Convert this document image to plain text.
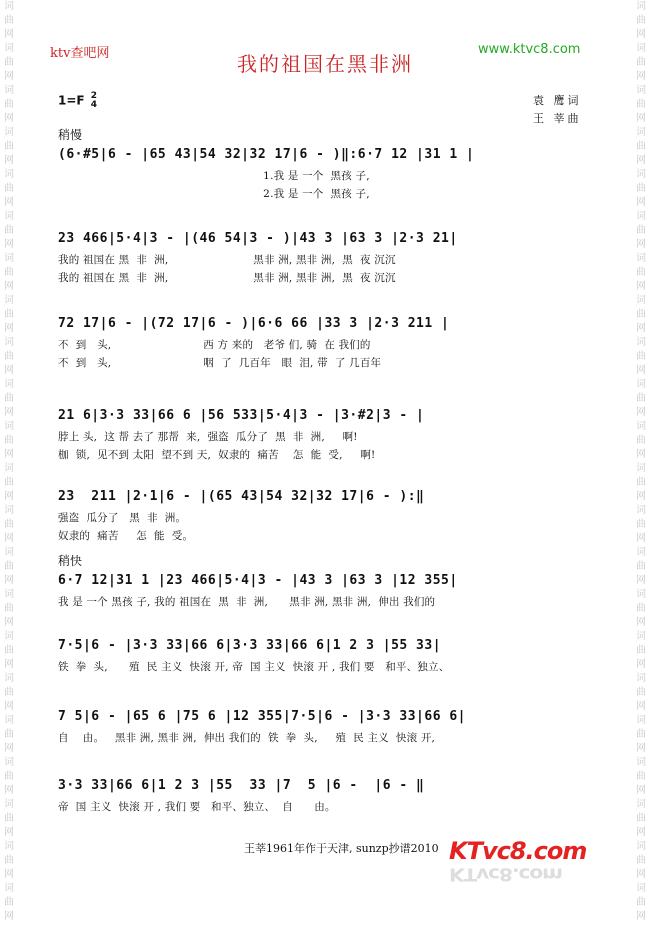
词
曲
网
词
曲
网
词
曲
网
词
曲
网
词
曲
网
词
曲
网
词
曲
网
词
曲
网
词
曲
网
词
曲
网
词
曲
网
词
曲
网
词
曲
网
词
曲
网
词
曲
网
词
曲
网
词
曲
网
词
曲
网
词
曲
网
词
曲
网
词
曲
网
词
曲
网
词
曲
网
词
曲
网
词
曲
网
词
曲
网
词
曲
网
词
曲
网
词
曲
网
词
曲
网
词
曲
网
词
曲
网
词
曲
网
词
曲
网
词
曲
网
词
曲
网
词
曲
网
词
曲
网
词
曲
网
词
曲
网
词
曲
网
词
曲
网
词
曲
网
词
曲
网
ktv查吧网	www.ktvc8.com
我的祖国在黑非洲
1=F 2
4	袁 鹰词
王 莘曲
稍慢
稍快
(6·#5|6 - |65 43|54 32|32 17|6 - )‖:6·7 12 |31 1 |
1.我 是 一个  黑孩 子,
2.我 是 一个  黑孩 子,
23 466|5·4|3 - |(46 54|3 - )|43 3 |63 3 |2·3 21|
我的 祖国在 黑  非  洲,                        黑非 洲, 黑非 洲,  黑  夜 沉沉
我的 祖国在 黑  非  洲,                        黑非 洲, 黑非 洲,  黑  夜 沉沉
72 17|6 - |(72 17|6 - )|6·6 66 |33 3 |2·3 211 |
不  到   头,                          西 方 来的   老爷 们, 骑  在 我们的
不  到   头,                          咽  了  几百年   眼  泪, 带  了 几百年
21 6|3·3 33|66 6 |56 533|5·4|3 - |3·#2|3 - |
脖上 头,  这 帮 去了 那帮  来,  强盗  瓜分了  黑  非  洲,     啊!
枷  锁,  见不到 太阳  望不到 天,  奴隶的  痛苦    怎  能  受,     啊!
23  211 |2·1|6 - |(65 43|54 32|32 17|6 - ):‖
强盗  瓜分了   黑  非  洲。
奴隶的  痛苦     怎  能  受。
6·7 12|31 1 |23 466|5·4|3 - |43 3 |63 3 |12 355|
我 是 一个 黑孩 子, 我的 祖国在  黑  非  洲,      黑非 洲, 黑非 洲,  伸出 我们的
7·5|6 - |3·3 33|66 6|3·3 33|66 6|1 2 3 |55 33|
铁  拳  头,      殖  民 主义  快滚 开, 帝  国 主义  快滚 开 , 我们 要   和平、独立、
7 5|6 - |65 6 |75 6 |12 355|7·5|6 - |3·3 33|66 6|
自    由。   黑非 洲, 黑非 洲,  伸出 我们的  铁  拳  头,     殖  民 主义  快滚 开,
3·3 33|66 6|1 2 3 |55  33 |7  5 |6 -  |6 - ‖
帝  国 主义  快滚 开 , 我们 要   和平、独立、  自      由。
王莘1961年作于天津, sunzp抄谱2010 KTvc8.com
KTvc8.com
